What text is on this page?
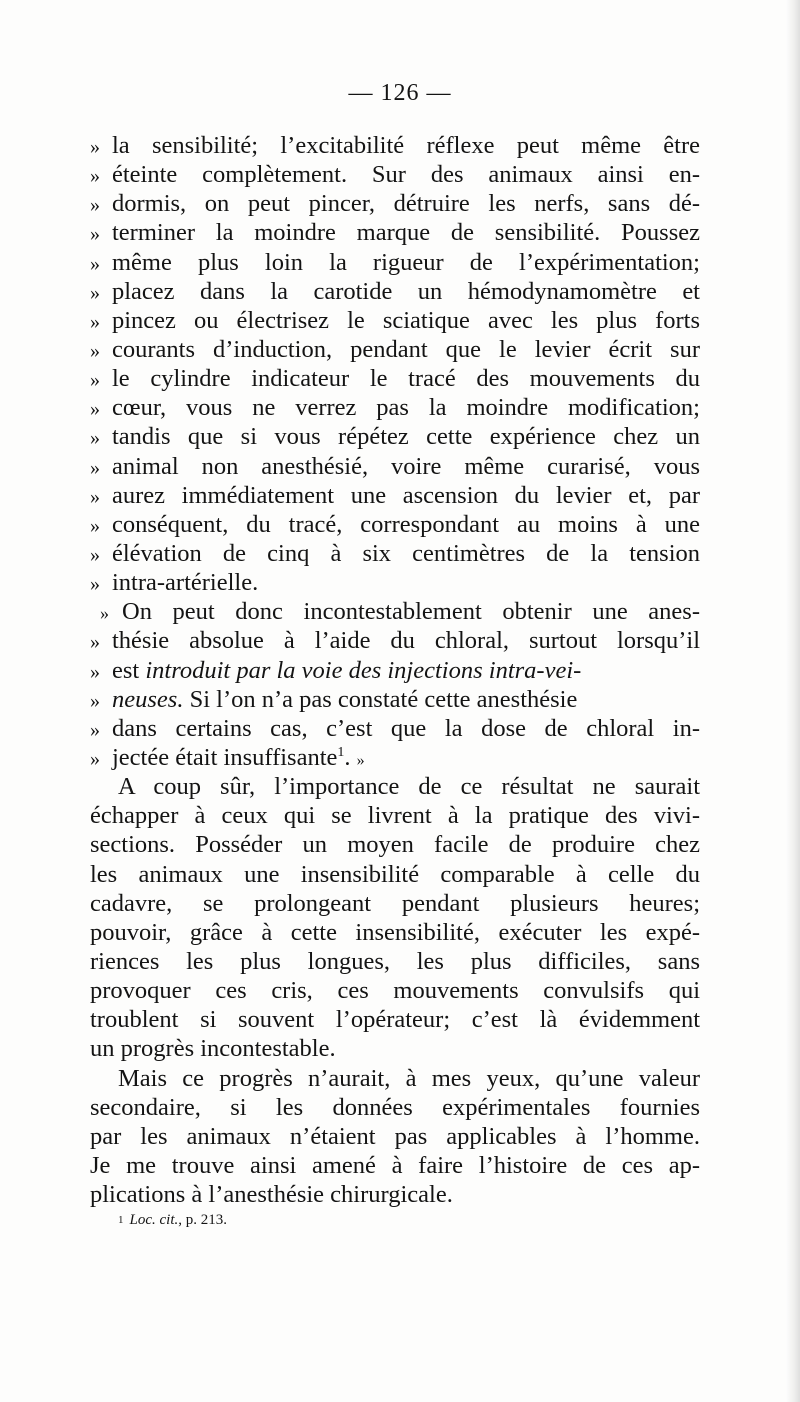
— 126 —
» la sensibilité; l’excitabilité réflexe peut même être
» éteinte complètement. Sur des animaux ainsi en-
» dormis, on peut pincer, détruire les nerfs, sans dé-
» terminer la moindre marque de sensibilité. Poussez
» même plus loin la rigueur de l’expérimentation;
» placez dans la carotide un hémodynamomètre et
» pincez ou électrisez le sciatique avec les plus forts
» courants d’induction, pendant que le levier écrit sur
» le cylindre indicateur le tracé des mouvements du
» cœur, vous ne verrez pas la moindre modification;
» tandis que si vous répétez cette expérience chez un
» animal non anesthésié, voire même curarisé, vous
» aurez immédiatement une ascension du levier et, par
» conséquent, du tracé, correspondant au moins à une
» élévation de cinq à six centimètres de la tension
» intra-artérielle.
» On peut donc incontestablement obtenir une anes-
» thésie absolue à l’aide du chloral, surtout lorsqu’il
» est introduit par la voie des injections intra-vei-
» neuses. Si l’on n’a pas constaté cette anesthésie
» dans certains cas, c’est que la dose de chloral in-
» jectée était insuffisante$^1$. »
A coup sûr, l’importance de ce résultat ne saurait
échapper à ceux qui se livrent à la pratique des vivi-
sections. Posséder un moyen facile de produire chez
les animaux une insensibilité comparable à celle du
cadavre, se prolongeant pendant plusieurs heures;
pouvoir, grâce à cette insensibilité, exécuter les expé-
riences les plus longues, les plus difficiles, sans
provoquer ces cris, ces mouvements convulsifs qui
troublent si souvent l’opérateur; c’est là évidemment
un progrès incontestable.
Mais ce progrès n’aurait, à mes yeux, qu’une valeur
secondaire, si les données expérimentales fournies
par les animaux n’étaient pas applicables à l’homme.
Je me trouve ainsi amené à faire l’histoire de ces ap-
plications à l’anesthésie chirurgicale.
$^1$ Loc. cit., p. 213.
